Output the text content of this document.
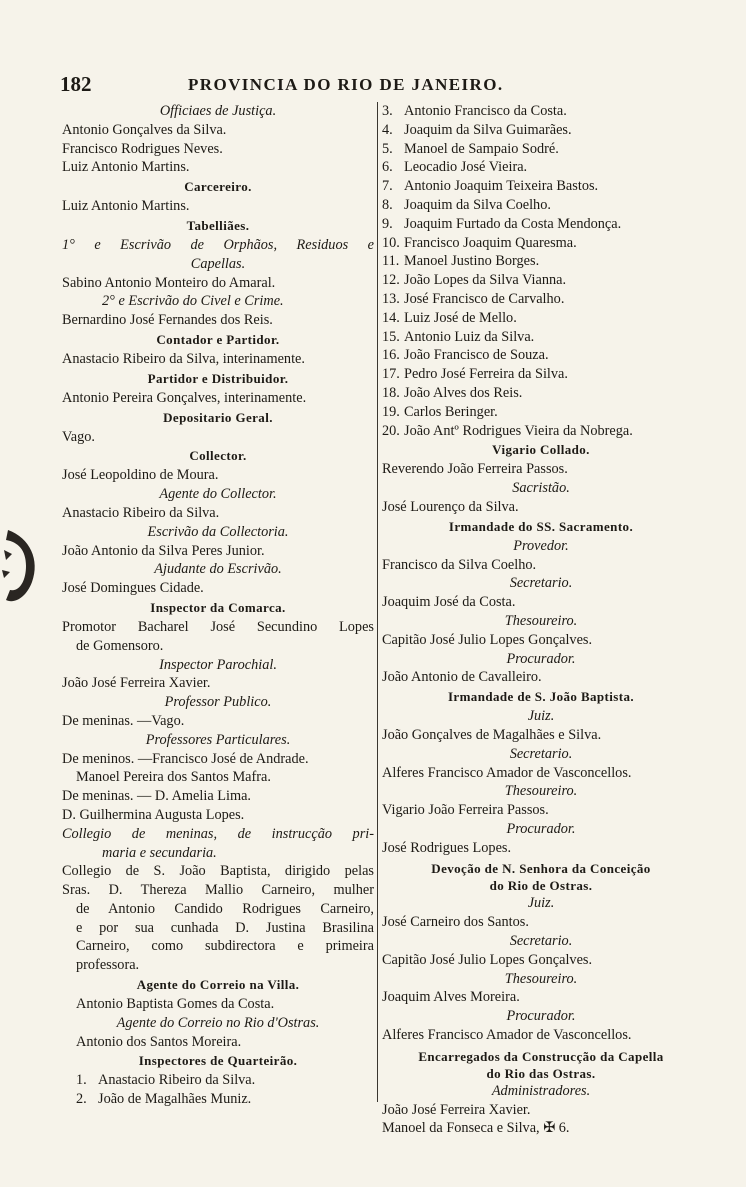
182	PROVINCIA DO RIO DE JANEIRO.
Officiaes de Justiça.
Antonio Gonçalves da Silva.
Francisco Rodrigues Neves.
Luiz Antonio Martins.
Carcereiro.
Luiz Antonio Martins.
Tabelliães.
1° e Escrivão de Orphãos, Residuos e
Capellas.
Sabino Antonio Monteiro do Amaral.
2° e Escrivão do Civel e Crime.
Bernardino José Fernandes dos Reis.
Contador e Partidor.
Anastacio Ribeiro da Silva, interinamente.
Partidor e Distribuidor.
Antonio Pereira Gonçalves, interinamente.
Depositario Geral.
Vago.
Collector.
José Leopoldino de Moura.
Agente do Collector.
Anastacio Ribeiro da Silva.
Escrivão da Collectoria.
João Antonio da Silva Peres Junior.
Ajudante do Escrivão.
José Domingues Cidade.
Inspector da Comarca.
Promotor Bacharel José Secundino Lopes
de Gomensoro.
Inspector Parochial.
João José Ferreira Xavier.
Professor Publico.
De meninas. —Vago.
Professores Particulares.
De meninos. —Francisco José de Andrade.
Manoel Pereira dos Santos Mafra.
De meninas. — D. Amelia Lima.
D. Guilhermina Augusta Lopes.
Collegio de meninas, de instrucção pri-
maria e secundaria.
Collegio de S. João Baptista, dirigido pelas
Sras. D. Thereza Mallio Carneiro, mulher
de Antonio Candido Rodrigues Carneiro,
e por sua cunhada D. Justina Brasilina
Carneiro, como subdirectora e primeira
professora.
Agente do Correio na Villa.
Antonio Baptista Gomes da Costa.
Agente do Correio no Rio d'Ostras.
Antonio dos Santos Moreira.
Inspectores de Quarteirão.
1. Anastacio Ribeiro da Silva.
2. João de Magalhães Muniz.
3. Antonio Francisco da Costa.
4. Joaquim da Silva Guimarães.
5. Manoel de Sampaio Sodré.
6. Leocadio José Vieira.
7. Antonio Joaquim Teixeira Bastos.
8. Joaquim da Silva Coelho.
9. Joaquim Furtado da Costa Mendonça.
10. Francisco Joaquim Quaresma.
11. Manoel Justino Borges.
12. João Lopes da Silva Vianna.
13. José Francisco de Carvalho.
14. Luiz José de Mello.
15. Antonio Luiz da Silva.
16. João Francisco de Souza.
17. Pedro José Ferreira da Silva.
18. João Alves dos Reis.
19. Carlos Beringer.
20. João Antº Rodrigues Vieira da Nobrega.
Vigario Collado.
Reverendo João Ferreira Passos.
Sacristão.
José Lourenço da Silva.
Irmandade do SS. Sacramento.
Provedor.
Francisco da Silva Coelho.
Secretario.
Joaquim José da Costa.
Thesoureiro.
Capitão José Julio Lopes Gonçalves.
Procurador.
João Antonio de Cavalleiro.
Irmandade de S. João Baptista.
Juiz.
João Gonçalves de Magalhães e Silva.
Secretario.
Alferes Francisco Amador de Vasconcellos.
Thesoureiro.
Vigario João Ferreira Passos.
Procurador.
José Rodrigues Lopes.
Devoção de N. Senhora da Conceição
do Rio de Ostras.
Juiz.
José Carneiro dos Santos.
Secretario.
Capitão José Julio Lopes Gonçalves.
Thesoureiro.
Joaquim Alves Moreira.
Procurador.
Alferes Francisco Amador de Vasconcellos.
Encarregados da Construcção da Capella
do Rio das Ostras.
Administradores.
João José Ferreira Xavier.
Manoel da Fonseca e Silva, ✠ 6.
